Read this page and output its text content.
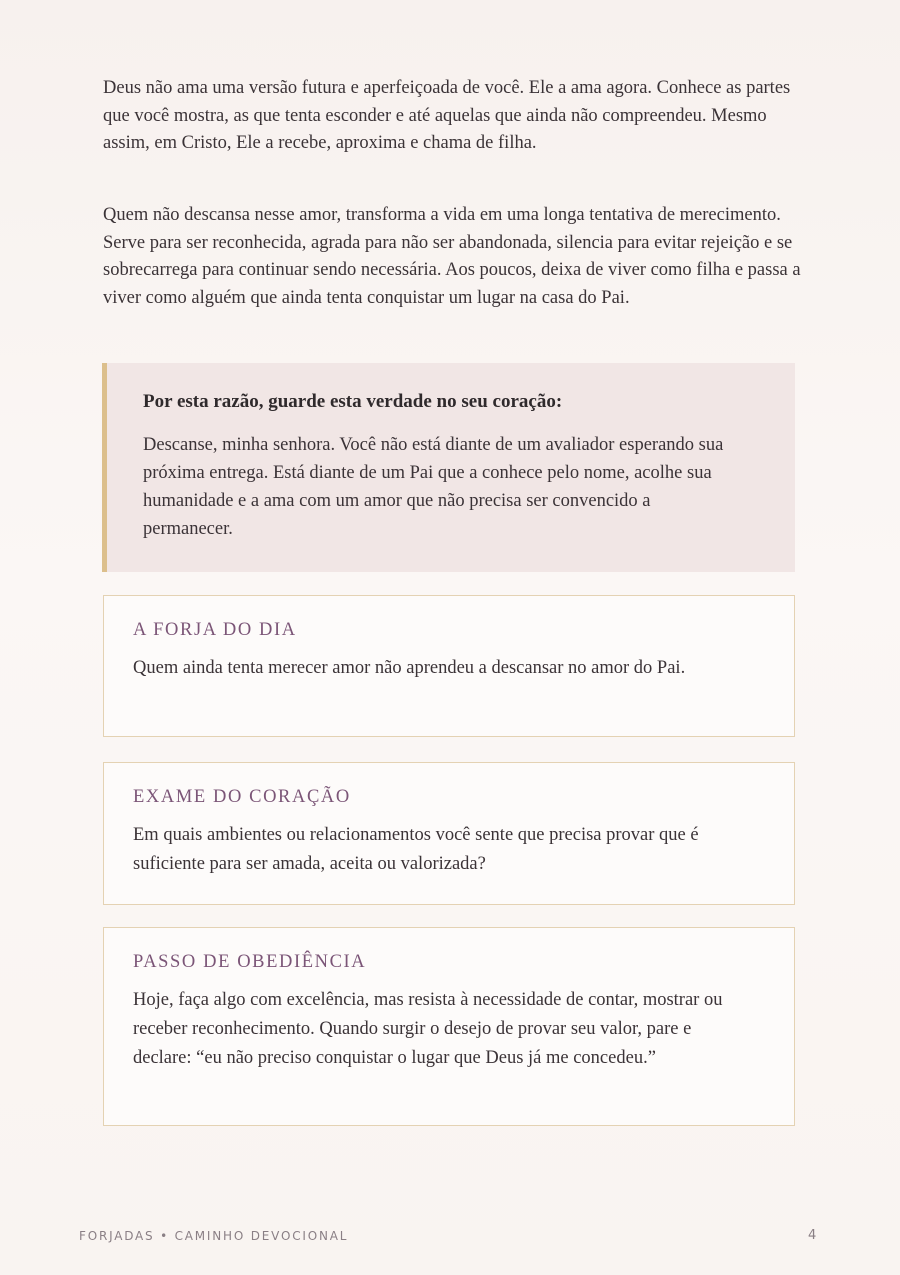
Deus não ama uma versão futura e aperfeiçoada de você. Ele a ama agora. Conhece as partes que você mostra, as que tenta esconder e até aquelas que ainda não compreendeu. Mesmo assim, em Cristo, Ele a recebe, aproxima e chama de filha.

Quem não descansa nesse amor, transforma a vida em uma longa tentativa de merecimento. Serve para ser reconhecida, agrada para não ser abandonada, silencia para evitar rejeição e se sobrecarrega para continuar sendo necessária. Aos poucos, deixa de viver como filha e passa a viver como alguém que ainda tenta conquistar um lugar na casa do Pai.

Por esta razão, guarde esta verdade no seu coração:

Descanse, minha senhora. Você não está diante de um avaliador esperando sua próxima entrega. Está diante de um Pai que a conhece pelo nome, acolhe sua humanidade e a ama com um amor que não precisa ser convencido a permanecer.

A FORJA DO DIA

Quem ainda tenta merecer amor não aprendeu a descansar no amor do Pai.

EXAME DO CORAÇÃO

Em quais ambientes ou relacionamentos você sente que precisa provar que é suficiente para ser amada, aceita ou valorizada?

PASSO DE OBEDIÊNCIA

Hoje, faça algo com excelência, mas resista à necessidade de contar, mostrar ou receber reconhecimento. Quando surgir o desejo de provar seu valor, pare e declare: “eu não preciso conquistar o lugar que Deus já me concedeu.”

FORJADAS • CAMINHO DEVOCIONAL	4
